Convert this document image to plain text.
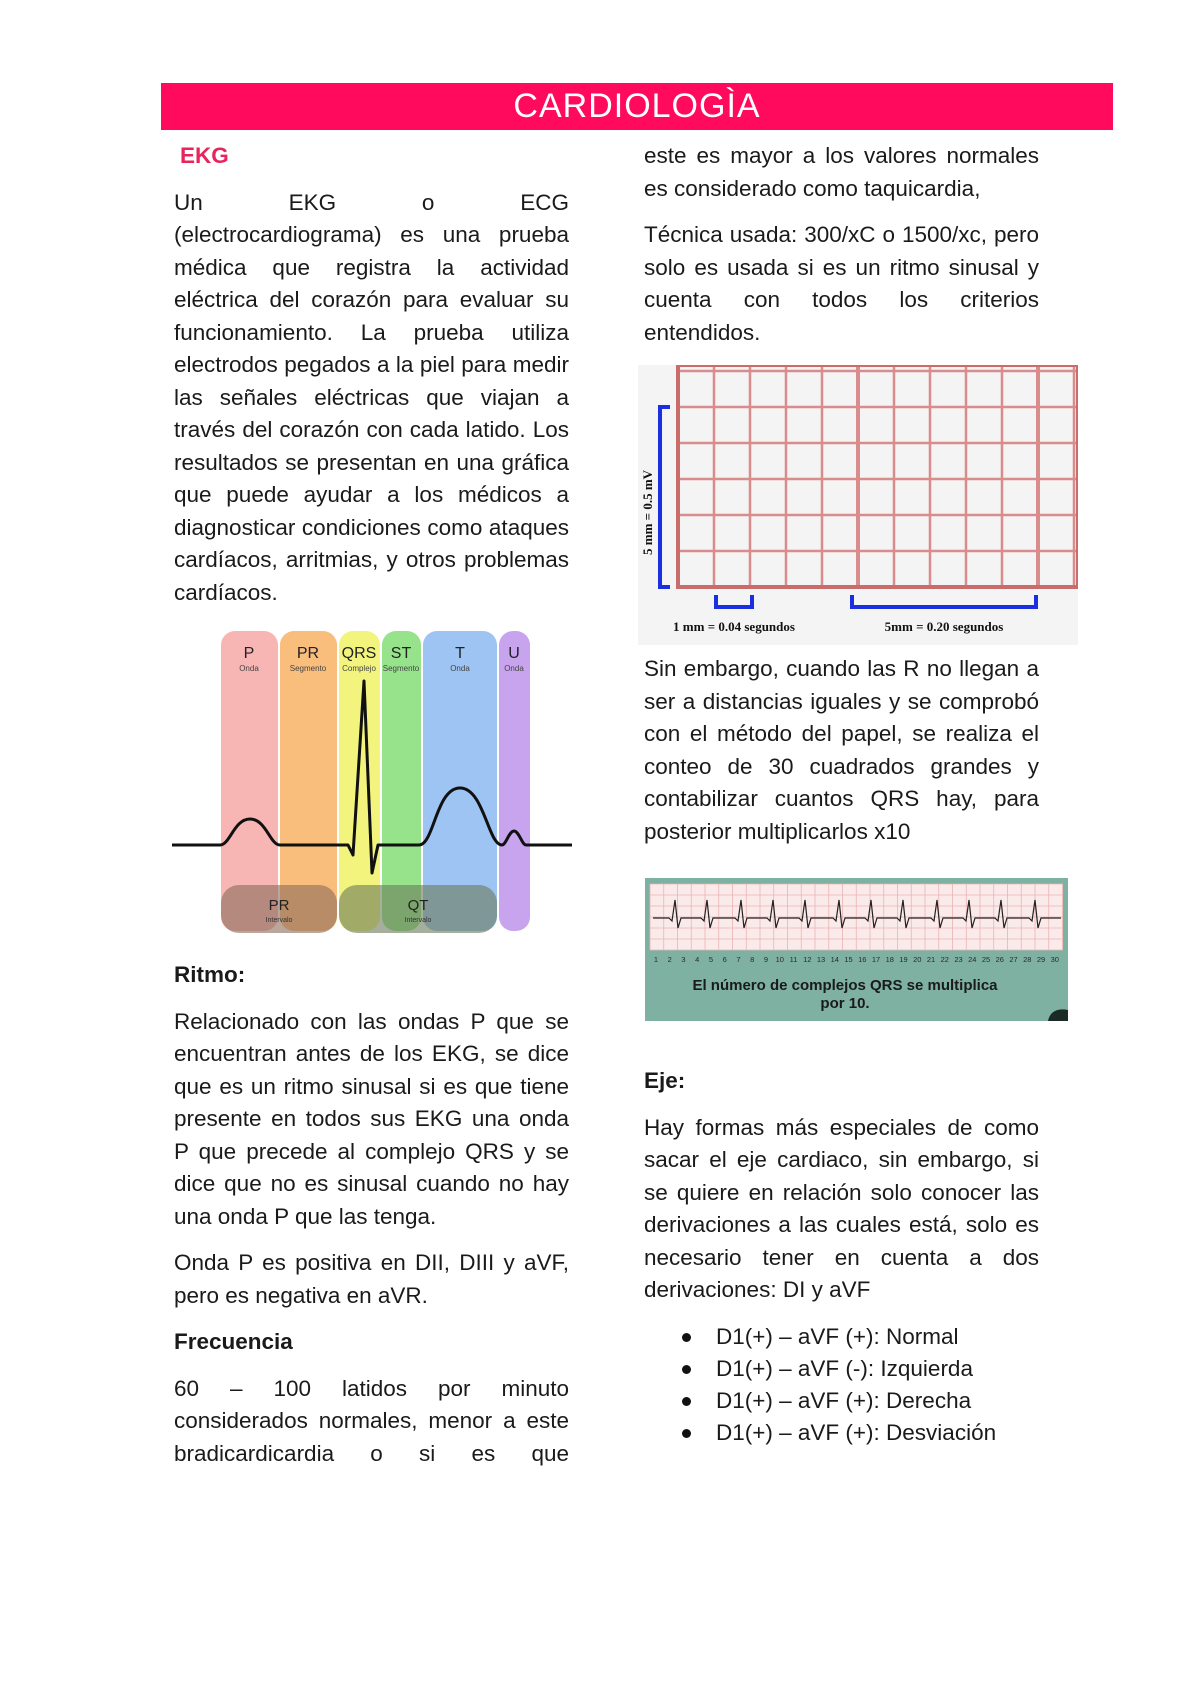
CARDIOLOGÌA

EKG

Un	EKG	o	ECG
(electrocardiograma) es una prueba médica que registra la actividad eléctrica del corazón para evaluar su funcionamiento. La prueba utiliza electrodos pegados a la piel para medir las señales eléctricas que viajan a través del corazón con cada latido. Los resultados se presentan en una gráfica que puede ayudar a los médicos a diagnosticar condiciones como ataques cardíacos, arritmias, y otros problemas cardíacos.

P
Onda
PR
Segmento
QRS
Complejo
ST
Segmento
T
Onda
U
Onda
PR
Intervalo
QT
Intervalo
Ritmo:

Relacionado con las ondas P que se encuentran antes de los EKG, se dice que es un ritmo sinusal si es que tiene presente en todos sus EKG una onda P que precede al complejo QRS y se dice que no es sinusal cuando no hay una onda P que las tenga.

Onda P es positiva en DII, DIII y aVF, pero es negativa en aVR.

Frecuencia

60 – 100 latidos por minuto considerados normales, menor a este bradicardicardia o si es que

este es mayor a los valores normales es considerado como taquicardia,

Técnica usada: 300/xC o 1500/xc, pero solo es usada si es un ritmo sinusal y cuenta con todos los criterios entendidos.

5 mm = 0.5 mV
1 mm = 0.04 segundos	5mm = 0.20 segundos

Sin embargo, cuando las R no llegan a ser a distancias iguales y se comprobó con el método del papel, se realiza el conteo de 30 cuadrados grandes y contabilizar cuantos QRS hay, para posterior multiplicarlos x10

1 2 3 4 5 6 7 8 9 10 11 12 13 14 15 16 17 18 19 20 21 22 23 24 25 26 27 28 29 30
El número de complejos QRS se multiplica
por 10.
Eje:

Hay formas más especiales de como sacar el eje cardiaco, sin embargo, si se quiere en relación solo conocer las derivaciones a las cuales está, solo es necesario tener en cuenta a dos derivaciones: DI y aVF

D1(+) – aVF (+): Normal
D1(+) – aVF (-): Izquierda
D1(+) – aVF (+): Derecha
D1(+) – aVF (+): Desviación
